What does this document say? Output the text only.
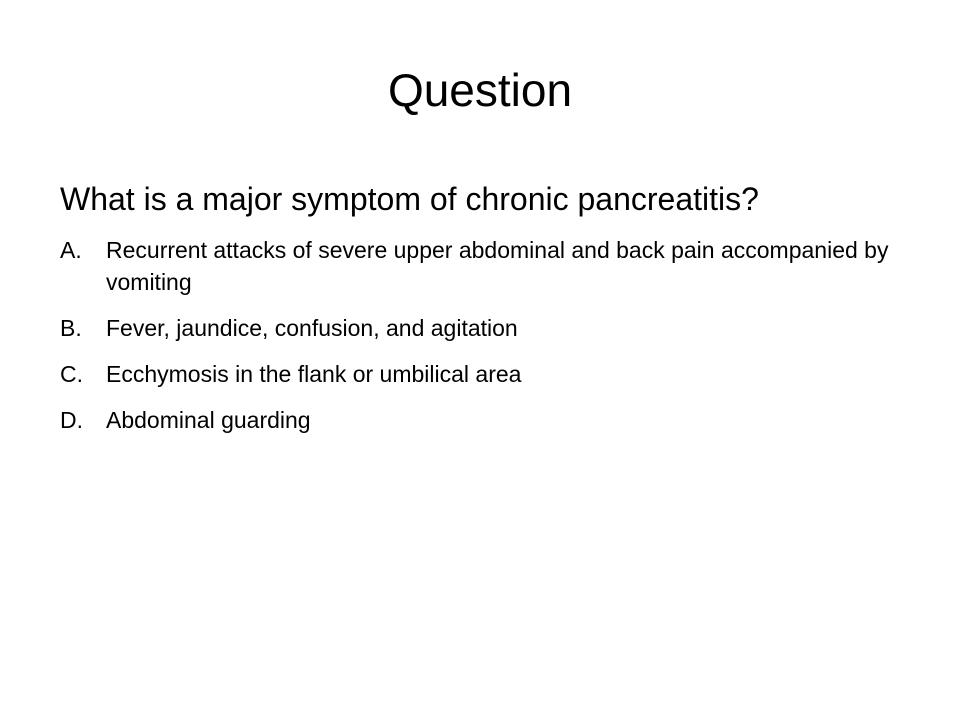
Question

What is a major symptom of chronic pancreatitis?

A.	Recurrent attacks of severe upper abdominal and back pain accompanied by vomiting
B.	Fever, jaundice, confusion, and agitation
C.	Ecchymosis in the flank or umbilical area
D.	Abdominal guarding
